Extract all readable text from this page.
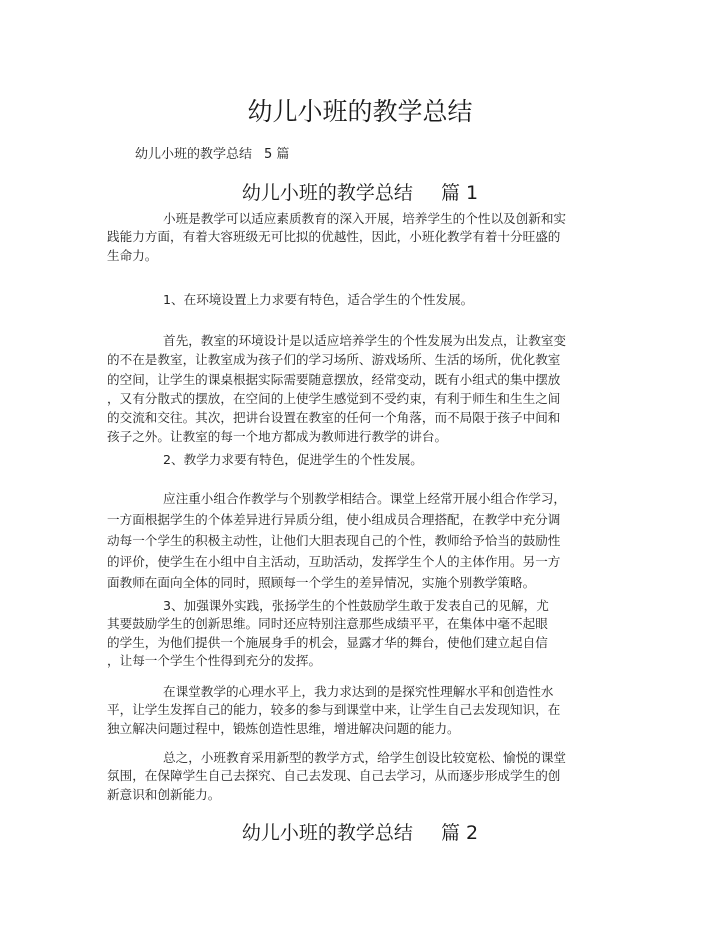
幼儿小班的教学总结
幼儿小班的教学总结 5 篇
幼儿小班的教学总结 篇 1
小班是教学可以适应素质教育的深入开展，培养学生的个性以及创新和实
践能力方面，有着大容班级无可比拟的优越性，因此，小班化教学有着十分旺盛的
生命力。
1、在环境设置上力求要有特色，适合学生的个性发展。
首先，教室的环境设计是以适应培养学生的个性发展为出发点，让教室变
的不在是教室，让教室成为孩子们的学习场所、游戏场所、生活的场所，优化教室
的空间，让学生的课桌根据实际需要随意摆放，经常变动，既有小组式的集中摆放
，又有分散式的摆放，在空间的上使学生感觉到不受约束，有利于师生和生生之间
的交流和交往。其次，把讲台设置在教室的任何一个角落，而不局限于孩子中间和
孩子之外。让教室的每一个地方都成为教师进行教学的讲台。
2、教学力求要有特色，促进学生的个性发展。
应注重小组合作教学与个别教学相结合。课堂上经常开展小组合作学习，
一方面根据学生的个体差异进行异质分组，使小组成员合理搭配，在教学中充分调
动每一个学生的积极主动性，让他们大胆表现自己的个性，教师给予恰当的鼓励性
的评价，使学生在小组中自主活动，互助活动，发挥学生个人的主体作用。另一方
面教师在面向全体的同时，照顾每一个学生的差异情况，实施个别教学策略。
3、加强课外实践，张扬学生的个性鼓励学生敢于发表自己的见解，尤
其要鼓励学生的创新思维。同时还应特别注意那些成绩平平，在集体中毫不起眼
的学生，为他们提供一个施展身手的机会，显露才华的舞台，使他们建立起自信
，让每一个学生个性得到充分的发挥。
在课堂教学的心理水平上，我力求达到的是探究性理解水平和创造性水
平，让学生发挥自己的能力，较多的参与到课堂中来，让学生自己去发现知识，在
独立解决问题过程中，锻炼创造性思维，增进解决问题的能力。
总之，小班教育采用新型的教学方式，给学生创设比较宽松、愉悦的课堂
氛围，在保障学生自己去探究、自己去发现、自己去学习，从而逐步形成学生的创
新意识和创新能力。
幼儿小班的教学总结 篇 2
